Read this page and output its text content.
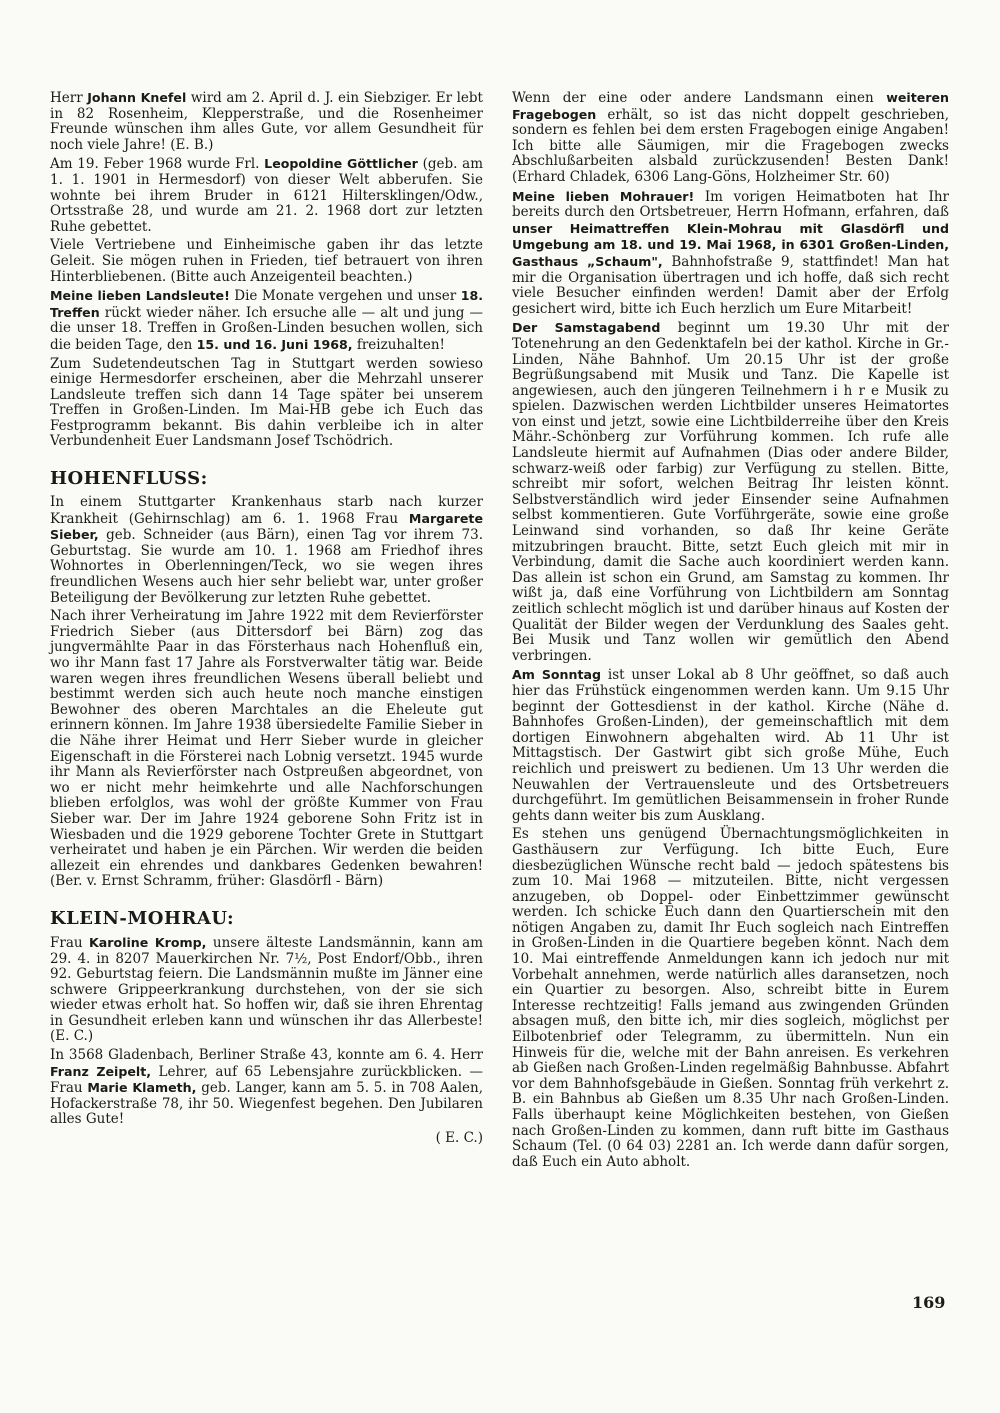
Herr Johann Knefel wird am 2. April d. J. ein Siebziger. Er lebt in 82 Rosenheim, Klepperstraße, und die Rosenheimer Freunde wünschen ihm alles Gute, vor allem Gesundheit für noch viele Jahre! (E. B.)

Am 19. Feber 1968 wurde Frl. Leopoldine Göttlicher (geb. am 1. 1. 1901 in Hermesdorf) von dieser Welt abberufen. Sie wohnte bei ihrem Bruder in 6121 Hiltersklingen/Odw., Ortsstraße 28, und wurde am 21. 2. 1968 dort zur letzten Ruhe gebettet.

Viele Vertriebene und Einheimische gaben ihr das letzte Geleit. Sie mögen ruhen in Frieden, tief betrauert von ihren Hinterbliebenen. (Bitte auch Anzeigenteil beachten.)

Meine lieben Landsleute! Die Monate vergehen und unser 18. Treffen rückt wieder näher. Ich ersuche alle — alt und jung — die unser 18. Treffen in Großen-Linden besuchen wollen, sich die beiden Tage, den 15. und 16. Juni 1968, freizuhalten!

Zum Sudetendeutschen Tag in Stuttgart werden sowieso einige Hermesdorfer erscheinen, aber die Mehrzahl unserer Landsleute treffen sich dann 14 Tage später bei unserem Treffen in Großen-Linden. Im Mai-HB gebe ich Euch das Festprogramm bekannt. Bis dahin verbleibe ich in alter Verbundenheit Euer Landsmann Josef Tschödrich.

HOHENFLUSS:

In einem Stuttgarter Krankenhaus starb nach kurzer Krankheit (Gehirnschlag) am 6. 1. 1968 Frau Margarete Sieber, geb. Schneider (aus Bärn), einen Tag vor ihrem 73. Geburtstag. Sie wurde am 10. 1. 1968 am Friedhof ihres Wohnortes in Oberlenningen/Teck, wo sie wegen ihres freundlichen Wesens auch hier sehr beliebt war, unter großer Beteiligung der Bevölkerung zur letzten Ruhe gebettet.

Nach ihrer Verheiratung im Jahre 1922 mit dem Revierförster Friedrich Sieber (aus Dittersdorf bei Bärn) zog das jungvermählte Paar in das Försterhaus nach Hohenfluß ein, wo ihr Mann fast 17 Jahre als Forstverwalter tätig war. Beide waren wegen ihres freundlichen Wesens überall beliebt und bestimmt werden sich auch heute noch manche einstigen Bewohner des oberen Marchtales an die Eheleute gut erinnern können. Im Jahre 1938 übersiedelte Familie Sieber in die Nähe ihrer Heimat und Herr Sieber wurde in gleicher Eigenschaft in die Försterei nach Lobnig versetzt. 1945 wurde ihr Mann als Revierförster nach Ostpreußen abgeordnet, von wo er nicht mehr heimkehrte und alle Nachforschungen blieben erfolglos, was wohl der größte Kummer von Frau Sieber war. Der im Jahre 1924 geborene Sohn Fritz ist in Wiesbaden und die 1929 geborene Tochter Grete in Stuttgart verheiratet und haben je ein Pärchen. Wir werden die beiden allezeit ein ehrendes und dankbares Gedenken bewahren! (Ber. v. Ernst Schramm, früher: Glasdörfl - Bärn)

KLEIN-MOHRAU:

Frau Karoline Kromp, unsere älteste Landsmännin, kann am 29. 4. in 8207 Mauerkirchen Nr. 7½, Post Endorf/Obb., ihren 92. Geburtstag feiern. Die Landsmännin mußte im Jänner eine schwere Grippeerkrankung durchstehen, von der sie sich wieder etwas erholt hat. So hoffen wir, daß sie ihren Ehrentag in Gesundheit erleben kann und wünschen ihr das Allerbeste! (E. C.)

In 3568 Gladenbach, Berliner Straße 43, konnte am 6. 4. Herr Franz Zeipelt, Lehrer, auf 65 Lebensjahre zurückblicken. — Frau Marie Klameth, geb. Langer, kann am 5. 5. in 708 Aalen, Hofackerstraße 78, ihr 50. Wiegenfest begehen. Den Jubilaren alles Gute!

( E. C.)

Wenn der eine oder andere Landsmann einen weiteren Fragebogen erhält, so ist das nicht doppelt geschrieben, sondern es fehlen bei dem ersten Fragebogen einige Angaben! Ich bitte alle Säumigen, mir die Fragebogen zwecks Abschlußarbeiten alsbald zurückzusenden! Besten Dank! (Erhard Chladek, 6306 Lang-Göns, Holzheimer Str. 60)

Meine lieben Mohrauer! Im vorigen Heimatboten hat Ihr bereits durch den Ortsbetreuer, Herrn Hofmann, erfahren, daß unser Heimattreffen Klein-Mohrau mit Glasdörfl und Umgebung am 18. und 19. Mai 1968, in 6301 Großen-Linden, Gasthaus „Schaum", Bahnhofstraße 9, stattfindet! Man hat mir die Organisation übertragen und ich hoffe, daß sich recht viele Besucher einfinden werden! Damit aber der Erfolg gesichert wird, bitte ich Euch herzlich um Eure Mitarbeit!

Der Samstagabend beginnt um 19.30 Uhr mit der Totenehrung an den Gedenktafeln bei der kathol. Kirche in Gr.-Linden, Nähe Bahnhof. Um 20.15 Uhr ist der große Begrüßungsabend mit Musik und Tanz. Die Kapelle ist angewiesen, auch den jüngeren Teilnehmern i h r e Musik zu spielen. Dazwischen werden Lichtbilder unseres Heimatortes von einst und jetzt, sowie eine Lichtbilderreihe über den Kreis Mähr.-Schönberg zur Vorführung kommen. Ich rufe alle Landsleute hiermit auf Aufnahmen (Dias oder andere Bilder, schwarz-weiß oder farbig) zur Verfügung zu stellen. Bitte, schreibt mir sofort, welchen Beitrag Ihr leisten könnt. Selbstverständlich wird jeder Einsender seine Aufnahmen selbst kommentieren. Gute Vorführgeräte, sowie eine große Leinwand sind vorhanden, so daß Ihr keine Geräte mitzubringen braucht. Bitte, setzt Euch gleich mit mir in Verbindung, damit die Sache auch koordiniert werden kann. Das allein ist schon ein Grund, am Samstag zu kommen. Ihr wißt ja, daß eine Vorführung von Lichtbildern am Sonntag zeitlich schlecht möglich ist und darüber hinaus auf Kosten der Qualität der Bilder wegen der Verdunklung des Saales geht. Bei Musik und Tanz wollen wir gemütlich den Abend verbringen.

Am Sonntag ist unser Lokal ab 8 Uhr geöffnet, so daß auch hier das Frühstück eingenommen werden kann. Um 9.15 Uhr beginnt der Gottesdienst in der kathol. Kirche (Nähe d. Bahnhofes Großen-Linden), der gemeinschaftlich mit dem dortigen Einwohnern abgehalten wird. Ab 11 Uhr ist Mittagstisch. Der Gastwirt gibt sich große Mühe, Euch reichlich und preiswert zu bedienen. Um 13 Uhr werden die Neuwahlen der Vertrauensleute und des Ortsbetreuers durchgeführt. Im gemütlichen Beisammensein in froher Runde gehts dann weiter bis zum Ausklang.

Es stehen uns genügend Übernachtungsmöglichkeiten in Gasthäusern zur Verfügung. Ich bitte Euch, Eure diesbezüglichen Wünsche recht bald — jedoch spätestens bis zum 10. Mai 1968 — mitzuteilen. Bitte, nicht vergessen anzugeben, ob Doppel- oder Einbettzimmer gewünscht werden. Ich schicke Euch dann den Quartierschein mit den nötigen Angaben zu, damit Ihr Euch sogleich nach Eintreffen in Großen-Linden in die Quartiere begeben könnt. Nach dem 10. Mai eintreffende Anmeldungen kann ich jedoch nur mit Vorbehalt annehmen, werde natürlich alles daransetzen, noch ein Quartier zu besorgen. Also, schreibt bitte in Eurem Interesse rechtzeitig! Falls jemand aus zwingenden Gründen absagen muß, den bitte ich, mir dies sogleich, möglichst per Eilbotenbrief oder Telegramm, zu übermitteln. Nun ein Hinweis für die, welche mit der Bahn anreisen. Es verkehren ab Gießen nach Großen-Linden regelmäßig Bahnbusse. Abfahrt vor dem Bahnhofsgebäude in Gießen. Sonntag früh verkehrt z. B. ein Bahnbus ab Gießen um 8.35 Uhr nach Großen-Linden. Falls überhaupt keine Möglichkeiten bestehen, von Gießen nach Großen-Linden zu kommen, dann ruft bitte im Gasthaus Schaum (Tel. (0 64 03) 2281 an. Ich werde dann dafür sorgen, daß Euch ein Auto abholt.

169
